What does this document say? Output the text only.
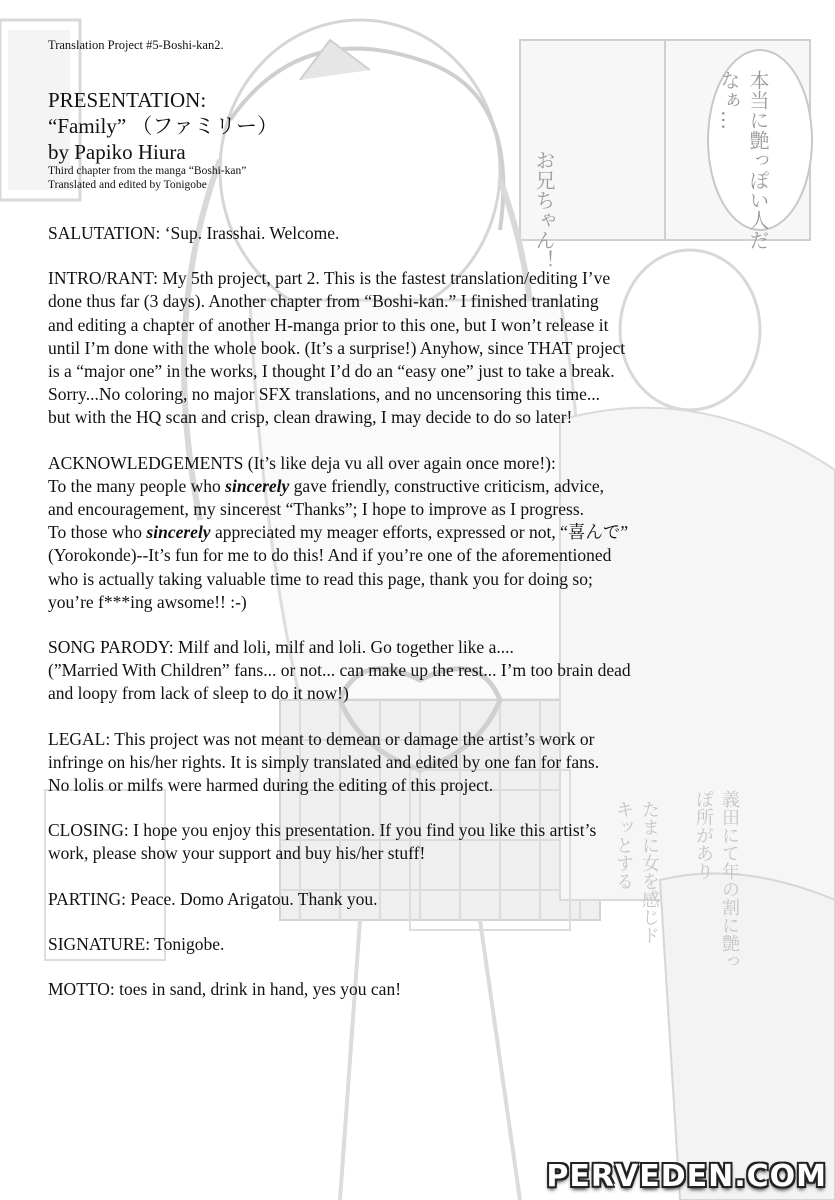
本当に艶っぽい人だなぁ…
お兄ちゃん！
義田にて年の割に艶っぽ所があり
たまに女を感じドキッとする
Translation Project #5-Boshi-kan2.
PRESENTATION:
“Family” （ファミリー）
by Papiko Hiura
Third chapter from the manga “Boshi-kan”
Translated and edited by Tonigobe

SALUTATION: ‘Sup. Irasshai. Welcome.

INTRO/RANT: My 5th project, part 2. This is the fastest translation/editing I’ve

done thus far (3 days). Another chapter from “Boshi-kan.” I finished tranlating

and editing a chapter of another H-manga prior to this one, but I won’t release it

until I’m done with the whole book. (It’s a surprise!) Anyhow, since THAT project

is a “major one” in the works, I thought I’d do an “easy one” just to take a break.

Sorry...No coloring, no major SFX translations, and no uncensoring this time...

but with the HQ scan and crisp, clean drawing, I may decide to do so later!

ACKNOWLEDGEMENTS (It’s like deja vu all over again once more!):

To the many people who sincerely gave friendly, constructive criticism, advice,

and encouragement, my sincerest “Thanks”; I hope to improve as I progress.

To those who sincerely appreciated my meager efforts, expressed or not, “喜んで”

(Yorokonde)--It’s fun for me to do this! And if you’re one of the aforementioned

who is actually taking valuable time to read this page, thank you for doing so;

you’re f***ing awsome!! :-)

SONG PARODY: Milf and loli, milf and loli. Go together like a....

(”Married With Children” fans... or not... can make up the rest... I’m too brain dead

and loopy from lack of sleep to do it now!)

LEGAL: This project was not meant to demean or damage the artist’s work or

infringe on his/her rights. It is simply translated and edited by one fan for fans.

No lolis or milfs were harmed during the editing of this project.

CLOSING: I hope you enjoy this presentation. If you find you like this artist’s

work, please show your support and buy his/her stuff!

PARTING: Peace. Domo Arigatou. Thank you.

SIGNATURE: Tonigobe.

MOTTO: toes in sand, drink in hand, yes you can!

PERVEDEN.COM
